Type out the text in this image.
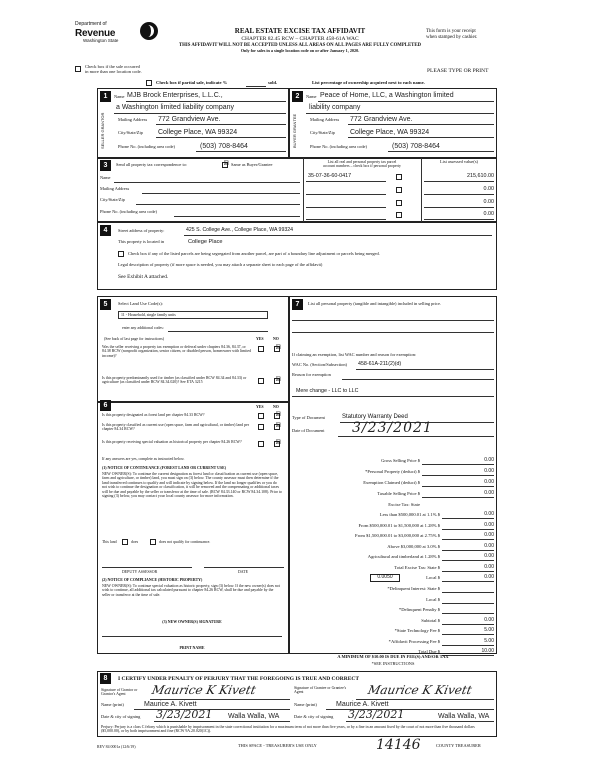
Department of
Revenue
Washington State
REAL ESTATE EXCISE TAX AFFIDAVIT
CHAPTER 82.45 RCW – CHAPTER 458-61A WAC
THIS AFFIDAVIT WILL NOT BE ACCEPTED UNLESS ALL AREAS ON ALL PAGES ARE FULLY COMPLETED
Only for sales in a single location code on or after January 1, 2020.
This form is your receipt
when stamped by cashier.
Check box if the sale occurred
in more than one location code.	PLEASE TYPE OR PRINT
Check box if partial sale, indicate %	sold.	List percentage of ownership acquired next to each name.
1	2
SELLER GRANTOR	BUYER GRANTEE
Name MJB Brock Enterprises, L.L.C.,
a Washington limited liability company
Mailing Address 772 Grandview Ave.
City/State/Zip College Place, WA 99324
Phone No. (including area code)	(503) 708-8464
Name Peace of Home, LLC, a Washington limited
liability company
Mailing Address 772 Grandview Ave.
City/State/Zip College Place, WA 99324
Phone No. (including area code)	(503) 708-8464
3	Send all property tax correspondence to:	☒ Same as Buyer/Grantee
Name
Mailing Address
City/State/Zip
Phone No. (including area code)
List all real and personal property tax parcel
account numbers – check box if personal property
List assessed value(s)
35-07-36-60-0417	215,610.00
0.00
0.00
0.00
4	Street address of property:	425 S. College Ave., College Place, WA 99324
This property is located in	College Place
Check box if any of the listed parcels are being segregated from another parcel, are part of a boundary line adjustment or parcels being merged.
Legal description of property (if more space is needed, you may attach a separate sheet to each page of the affidavit)
See Exhibit A attached.
5	Select Land Use Code(s):
11 - Household, single family units
enter any additional codes:
(See back of last page for instructions)	YES NO
Was the seller receiving a property tax exemption or deferral under chapters 84.36, 84.37, or 84.38 RCW (nonprofit organization, senior citizen, or disabled person, homeowner with limited income)?
☒
Is this property predominantly used for timber (as classified under RCW 84.34 and 84.33) or agriculture (as classified under RCW 84.34.020)? See ETA 3215	☒
6	YES NO
Is this property designated as forest land per chapter 84.33 RCW?	☒
Is this property classified as current use (open space, farm and agricultural, or timber) land per chapter 84.34 RCW?
☒
Is this property receiving special valuation as historical property per chapter 84.26 RCW?	☒
If any answers are yes, complete as instructed below.
(1) NOTICE OF CONTINUANCE (FOREST LAND OR CURRENT USE)
NEW OWNER(S): To continue the current designation as forest land or classification as current use (open space, farm and agriculture, or timber) land, you must sign on (3) below. The county assessor must then determine if the land transferred continues to qualify and will indicate by signing below. If the land no longer qualifies or you do not wish to continue the designation or classification, it will be removed and the compensating or additional taxes will be due and payable by the seller or transferor at the time of sale. (RCW 84.33.140 or RCW 84.34.108). Prior to signing (3) below, you may contact your local county assessor for more information.
This land	does	does not qualify for continuance.
DEPUTY ASSESSOR	DATE
(2) NOTICE OF COMPLIANCE (HISTORIC PROPERTY)
NEW OWNER(S): To continue special valuation as historic property, sign (3) below. If the new owner(s) does not wish to continue, all additional tax calculated pursuant to chapter 84.26 RCW, shall be due and payable by the seller or transferor at the time of sale.
(3) NEW OWNER(S) SIGNATURE
PRINT NAME
7	List all personal property (tangible and intangible) included in selling price.
If claiming an exemption, list WAC number and reason for exemption:
WAC No. (Section/Subsection) 458-61A-211(2)(d)
Reason for exemption
Mere change - LLC to LLC
Type of Document	Statutory Warranty Deed
Date of Document 3/23/2021
Gross Selling Price $	0.00
*Personal Property (deduct) $	0.00
Exemption Claimed (deduct) $	0.00
Taxable Selling Price $	0.00
Excise Tax: State
Less than $500,000.01 at 1.1% $	0.00
From $500,000.01 to $1,500,000 at 1.28% $	0.00
From $1,500,000.01 to $3,000,000 at 2.75% $	0.00
Above $3,000,000 at 3.0% $	0.00
Agricultural and timberland at 1.28% $	0.00
Total Excise Tax: State $	0.00
0.0050	Local $	0.00
*Delinquent Interest: State $
Local $
*Delinquent Penalty $
Subtotal $	0.00
*State Technology Fee $	5.00
*Affidavit Processing Fee $	5.00
Total Due $	10.00
A MINIMUM OF $10.00 IS DUE IN FEE(S) AND/OR TAX
*SEE INSTRUCTIONS
8	I CERTIFY UNDER PENALTY OF PERJURY THAT THE FOREGOING IS TRUE AND CORRECT
Signature of Grantor or Grantor's Agent	Maurice K Kivett	Signature of Grantee or Grantee's Agent	Maurice K Kivett
Name (print)	Maurice A. Kivett	Name (print)	Maurice A. Kivett
Date & city of signing 3/23/2021 Walla Walla, WA	Date & city of signing 3/23/2021	Walla Walla, WA
Perjury: Perjury is a class C felony which is punishable by imprisonment in the state correctional institution for a maximum term of not more than five years, or by a fine in an amount fixed by the court of not more than five thousand dollars ($5,000.00), or by both imprisonment and fine (RCW 9A.20.020(1C)).
REV 84 0001a (12/6/19)	THIS SPACE - TREASURER'S USE ONLY	14146	COUNTY TREASURER
